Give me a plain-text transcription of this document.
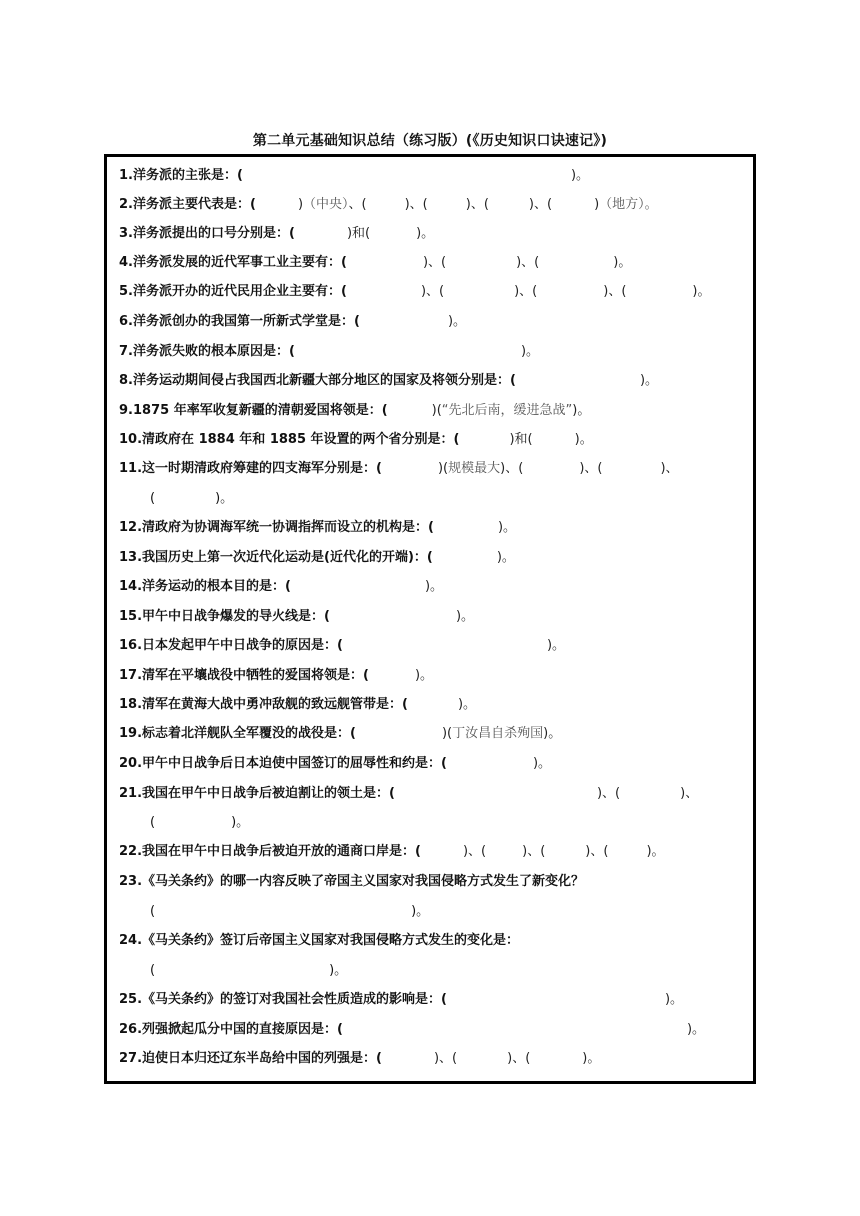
第二单元基础知识总结（练习版）(《历史知识口诀速记》)
1.洋务派的主张是：(	)。
2.洋务派主要代表是：(	)（中央）、(	)、(	)、(	)、(	)（地方）。
3.洋务派提出的口号分别是：(	)和(	)。
4.洋务派发展的近代军事工业主要有：(	)、(	)、(	)。
5.洋务派开办的近代民用企业主要有：(	)、(	)、(	)、(	)。
6.洋务派创办的我国第一所新式学堂是：(	)。
7.洋务派失败的根本原因是：(	)。
8.洋务运动期间侵占我国西北新疆大部分地区的国家及将领分别是：(	)。
9.1875 年率军收复新疆的清朝爱国将领是：(	)(“先北后南，缓进急战”)。
10.清政府在 1884 年和 1885 年设置的两个省分别是：(	)和(	)。
11.这一时期清政府筹建的四支海军分别是：(	)(规模最大)、(	)、(	)、
(	)。
12.清政府为协调海军统一协调指挥而设立的机构是：(	)。
13.我国历史上第一次近代化运动是(近代化的开端)：(	)。
14.洋务运动的根本目的是：(	)。
15.甲午中日战争爆发的导火线是：(	)。
16.日本发起甲午中日战争的原因是：(	)。
17.清军在平壤战役中牺牲的爱国将领是：(	)。
18.清军在黄海大战中勇冲敌舰的致远舰管带是：(	)。
19.标志着北洋舰队全军覆没的战役是：(	)(丁汝昌自杀殉国)。
20.甲午中日战争后日本迫使中国签订的屈辱性和约是：(	)。
21.我国在甲午中日战争后被迫割让的领土是：(	)、(	)、
(	)。
22.我国在甲午中日战争后被迫开放的通商口岸是：(	)、(	)、(	)、(	)。
23.《马关条约》的哪一内容反映了帝国主义国家对我国侵略方式发生了新变化？
(	)。
24.《马关条约》签订后帝国主义国家对我国侵略方式发生的变化是：
(	)。
25.《马关条约》的签订对我国社会性质造成的影响是：(	)。
26.列强掀起瓜分中国的直接原因是：(	)。
27.迫使日本归还辽东半岛给中国的列强是：(	)、(	)、(	)。
